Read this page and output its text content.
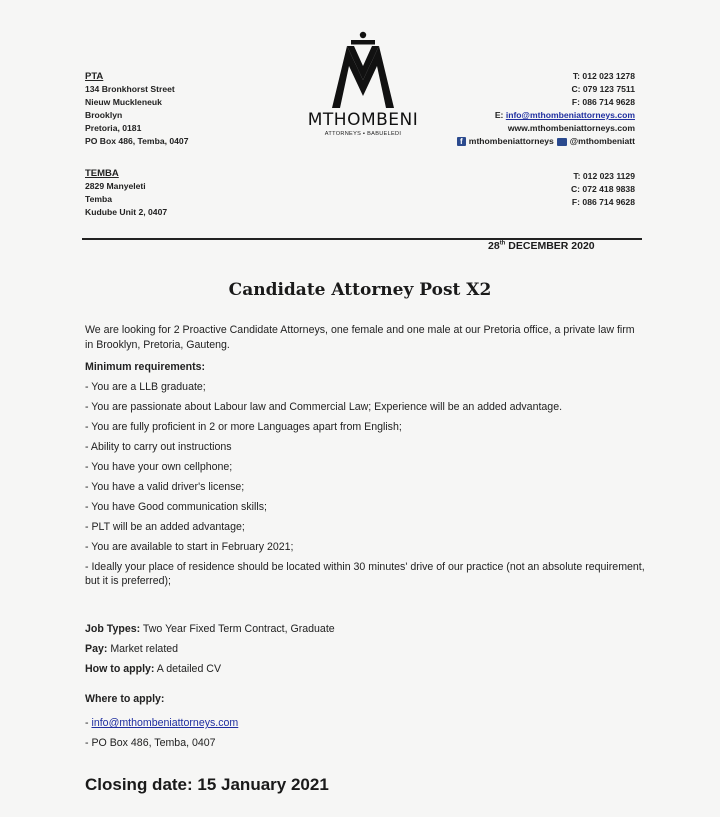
PTA
134 Bronkhorst Street
Nieuw Muckleneuk
Brooklyn
Pretoria, 0181
PO Box 486, Temba, 0407
TEMBA
2829 Manyeleti
Temba
Kudube Unit 2, 0407
MTHOMBENI
ATTORNEYS ▪ BABUELEDI
T: 012 023 1278
C: 079 123 7511
F: 086 714 9628
E: info@mthombeniattorneys.com
www.mthombeniattorneys.com
f mthombeniattorneys @mthombeniatt
T: 012 023 1129
C: 072 418 9838
F: 086 714 9628
28th DECEMBER 2020
Candidate Attorney Post X2
We are looking for 2 Proactive Candidate Attorneys, one female and one male at our Pretoria office, a private law firm in Brooklyn, Pretoria, Gauteng.
Minimum requirements:
- You are a LLB graduate;
- You are passionate about Labour law and Commercial Law; Experience will be an added advantage.
- You are fully proficient in 2 or more Languages apart from English;
- Ability to carry out instructions
- You have your own cellphone;
- You have a valid driver's license;
- You have Good communication skills;
- PLT will be an added advantage;
- You are available to start in February 2021;
- Ideally your place of residence should be located within 30 minutes' drive of our practice (not an absolute requirement, but it is preferred);
Job Types: Two Year Fixed Term Contract, Graduate
Pay: Market related
How to apply: A detailed CV
Where to apply:
- info@mthombeniattorneys.com
- PO Box 486, Temba, 0407
Closing date: 15 January 2021
